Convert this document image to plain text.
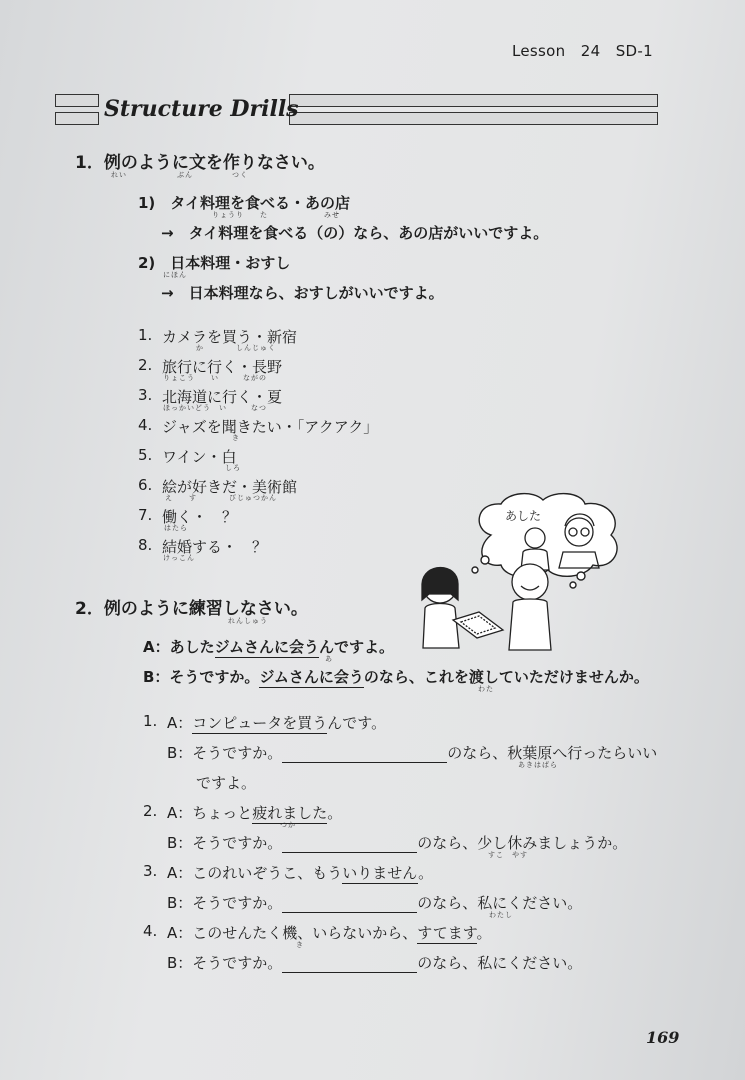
Lesson　24　SD-1
Structure Drills
1．例のように文を作りなさい。
れい	ぶん	つく
1)　タイ料理を食べる・あの店
りょうり　　た　　　　　　　みせ
→　タイ料理を食べる（の）なら、あの店がいいですよ。
2)　日本料理・おすし
にほん
→　日本料理なら、おすしがいいですよ。
1. カメラを買う・新宿
か　　　　しんじゅく
2. 旅行に行く・長野
りょこう　　い　　　ながの
3. 北海道に行く・夏
ほっかいどう　い　　　なつ
4. ジャズを聞きたい・「アクアク」
き
5. ワイン・白
しろ
6. 絵が好きだ・美術館
え　　す　　　　びじゅつかん
7. 働く・　？
はたら
8. 結婚する・　？
けっこん
あした
2．例のように練習しなさい。
れんしゅう
A：あしたジムさんに会うんですよ。
あ
B：そうですか。ジムさんに会うのなら、これを渡していただけませんか。
わた
1. A：コンピュータを買うんです。
B：そうですか。	のなら、秋葉原へ行ったらいい
あきはばら
ですよ。
2. A：ちょっと疲れました。
つか
B：そうですか。	のなら、少し休みましょうか。
すこ　やす
3. A：このれいぞうこ、もういりません。
B：そうですか。	のなら、私にください。
わたし
4. A：このせんたく機、いらないから、すてます。
き
B：そうですか。	のなら、私にください。
169
